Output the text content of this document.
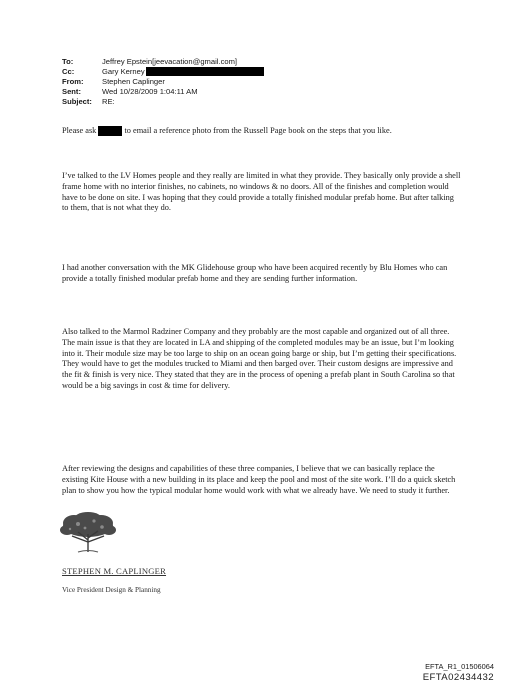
To:	Jeffrey Epstein[jeevacation@gmail.com]
Cc:	Gary Kerney
From:	Stephen Caplinger
Sent:	Wed 10/28/2009 1:04:11 AM
Subject:	RE:

Please ask	to email a reference photo from the Russell Page book on the steps that you like.

I’ve talked to the LV Homes people and they really are limited in what they provide. They basically only provide a shell frame home with no interior finishes, no cabinets, no windows & no doors. All of the finishes and completion would have to be done on site. I was hoping that they could provide a totally finished modular prefab home. But after talking to them, that is not what they do.

I had another conversation with the MK Glidehouse group who have been acquired recently by Blu Homes who can provide a totally finished modular prefab home and they are sending further information.

Also talked to the Marmol Radziner Company and they probably are the most capable and organized out of all three. The main issue is that they are located in LA and shipping of the completed modules may be an issue, but I’m looking into it. Their module size may be too large to ship on an ocean going barge or ship, but I’m getting their specifications. They would have to get the modules trucked to Miami and then barged over. Their custom designs are impressive and the fit & finish is very nice. They stated that they are in the process of opening a prefab plant in South Carolina so that would be a big savings in cost & time for delivery.

After reviewing the designs and capabilities of these three companies, I believe that we can basically replace the existing Kite House with a new building in its place and keep the pool and most of the site work. I’ll do a quick sketch plan to show you how the typical modular home would work with what we already have. We need to study it further.

STEPHEN M. CAPLINGER
Vice President Design & Planning
EFTA_R1_01506064
EFTA02434432
